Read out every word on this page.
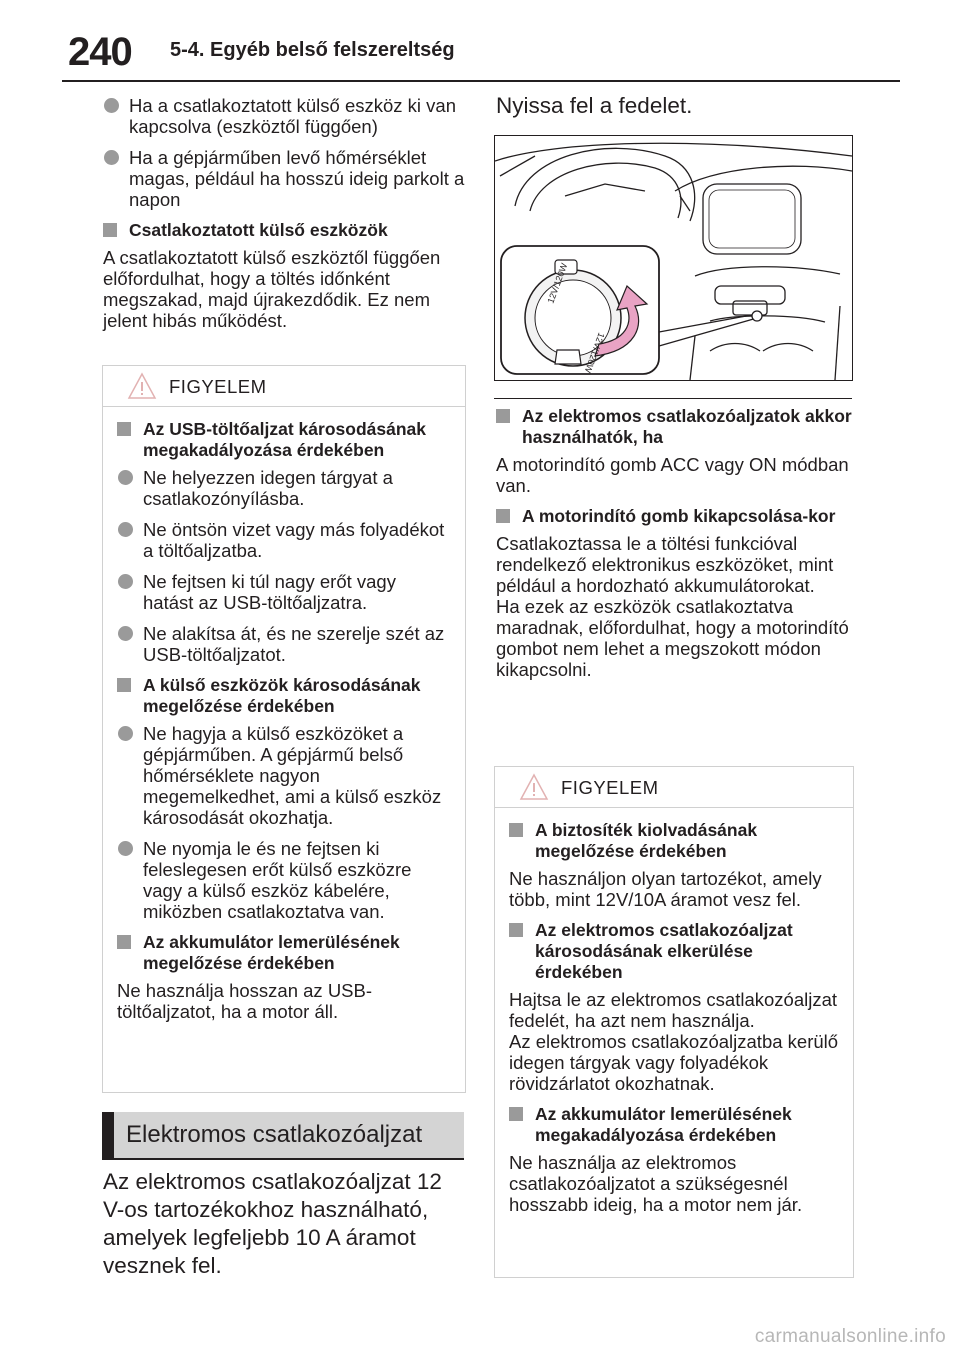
240 5-4. Egyéb belső felszereltség
Ha a csatlakoztatott külső eszköz ki van kapcsolva (eszköztől függően)
Ha a gépjárműben levő hőmérséklet magas, például ha hosszú ideig parkolt a napon
Csatlakoztatott külső eszközök
A csatlakoztatott külső eszköztől függően előfordulhat, hogy a töltés időnként megszakad, majd újrakezdődik. Ez nem jelent hibás működést.
FIGYELEM
Az USB-töltőaljzat károsodásának megakadályozása érdekében
Ne helyezzen idegen tárgyat a csatlakozónyílásba.
Ne öntsön vizet vagy más folyadékot a töltőaljzatba.
Ne fejtsen ki túl nagy erőt vagy hatást az USB-töltőaljzatra.
Ne alakítsa át, és ne szerelje szét az USB-töltőaljzatot.
A külső eszközök károsodásának megelőzése érdekében
Ne hagyja a külső eszközöket a gépjárműben. A gépjármű belső hőmérséklete nagyon megemelkedhet, ami a külső eszköz károsodását okozhatja.
Ne nyomja le és ne fejtsen ki feleslegesen erőt külső eszközre vagy a külső eszköz kábelére, miközben csatlakoztatva van.
Az akkumulátor lemerülésének megelőzése érdekében
Ne használja hosszan az USB-töltőaljzatot, ha a motor áll.
Elektromos csatlakozóaljzat
Az elektromos csatlakozóaljzat 12 V-os tartozékokhoz használható, amelyek legfeljebb 10 A áramot vesznek fel.
Nyissa fel a fedelet.
12V/120W
12V/120W
Az elektromos csatlakozóaljzatok akkor használhatók, ha
A motorindító gomb ACC vagy ON módban van.
A motorindító gomb kikapcsolása-kor
Csatlakoztassa le a töltési funkcióval rendelkező elektronikus eszközöket, mint például a hordozható akkumulátorokat.
Ha ezek az eszközök csatlakoztatva maradnak, előfordulhat, hogy a motorindító gombot nem lehet a megszokott módon kikapcsolni.
FIGYELEM
A biztosíték kiolvadásának megelőzése érdekében
Ne használjon olyan tartozékot, amely több, mint 12V/10A áramot vesz fel.
Az elektromos csatlakozóaljzat károsodásának elkerülése érdekében
Hajtsa le az elektromos csatlakozóaljzat fedelét, ha azt nem használja.
Az elektromos csatlakozóaljzatba kerülő idegen tárgyak vagy folyadékok rövidzárlatot okozhatnak.
Az akkumulátor lemerülésének megakadályozása érdekében
Ne használja az elektromos csatlakozóaljzatot a szükségesnél hosszabb ideig, ha a motor nem jár.
carmanualsonline.info
